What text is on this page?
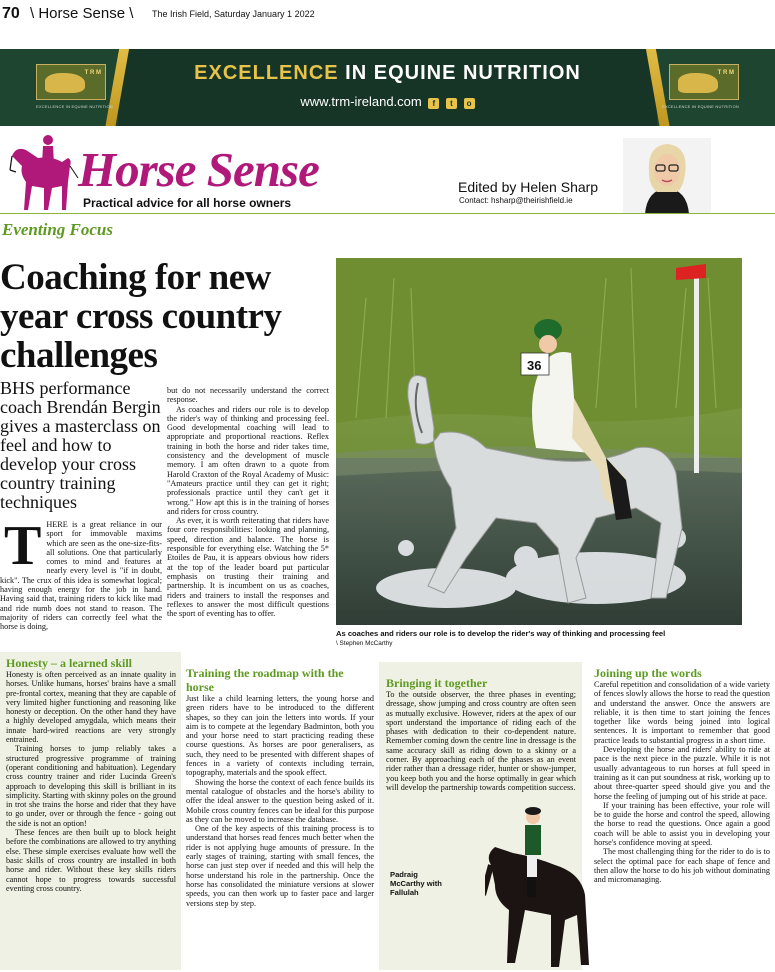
70 \ Horse Sense \ The Irish Field, Saturday January 1 2022
T R M
EXCELLENCE IN EQUINE NUTRITION
T R M
EXCELLENCE IN EQUINE NUTRITION
EXCELLENCE IN EQUINE NUTRITION
www.trm-ireland.com f t o
Horse Sense
Practical advice for all horse owners
Edited by Helen Sharp
Contact: hsharp@theirishfield.ie
Eventing Focus
Coaching for new year cross country challenges
BHS performance coach Brendán Bergin gives a masterclass on feel and how to develop your cross country training techniques
T HERE is a great reliance in our sport for immovable maxims which are seen as the one-size-fits-all solutions. One that particularly comes to mind and features at nearly every level is "if in doubt, kick". The crux of this idea is somewhat logical; having enough energy for the job in hand. Having said that, training riders to kick like mad and ride numb does not stand to reason. The majority of riders can correctly feel what the horse is doing,

but do not necessarily understand the correct response.

As coaches and riders our role is to develop the rider's way of thinking and processing feel. Good developmental coaching will lead to appropriate and proportional reactions. Reflex training in both the horse and rider takes time, consistency and the development of muscle memory. I am often drawn to a quote from Harold Craxton of the Royal Academy of Music: "Amateurs practice until they can get it right; professionals practice until they can't get it wrong." How apt this is in the training of horses and riders for cross country.

As ever, it is worth reiterating that riders have four core responsibilities: looking and planning, speed, direction and balance. The horse is responsible for everything else. Watching the 5* Etoiles de Pau, it is appears obvious how riders at the top of the leader board put particular emphasis on trusting their training and partnership. It is incumbent on us as coaches, riders and trainers to install the responses and reflexes to answer the most difficult questions the sport of eventing has to offer.

36
As coaches and riders our role is to develop the rider's way of thinking and processing feel
\ Stephen McCarthy
Honesty – a learned skill

Honesty is often perceived as an innate quality in horses. Unlike humans, horses' brains have a small pre-frontal cortex, meaning that they are capable of very limited higher functioning and reasoning like honesty or deception. On the other hand they have a highly developed amygdala, which means their innate hard-wired reactions are very strongly entrained.

Training horses to jump reliably takes a structured progressive programme of training (operant conditioning and habituation). Legendary cross country trainer and rider Lucinda Green's approach to developing this skill is brilliant in its simplicity. Starting with skinny poles on the ground in trot she trains the horse and rider that they have to go under, over or through the fence - going out the side is not an option!

These fences are then built up to block height before the combinations are allowed to try anything else. These simple exercises evaluate how well the basic skills of cross country are installed in both horse and rider. Without these key skills riders cannot hope to progress towards successful eventing cross country.

Training the roadmap with the horse

Just like a child learning letters, the young horse and green riders have to be introduced to the different shapes, so they can join the letters into words. If your aim is to compete at the legendary Badminton, both you and your horse need to start practicing reading these course questions. As horses are poor generalisers, as such, they need to be presented with different shapes of fences in a variety of contexts including terrain, topography, materials and the spook effect.

Showing the horse the context of each fence builds its mental catalogue of obstacles and the horse's ability to offer the ideal answer to the question being asked of it. Mobile cross country fences can be ideal for this purpose as they can be moved to increase the database.

One of the key aspects of this training process is to understand that horses read fences much better when the rider is not applying huge amounts of pressure. In the early stages of training, starting with small fences, the horse can just step over if needed and this will help the horse understand his role in the partnership. Once the horse has consolidated the miniature versions at slower speeds, you can then work up to faster pace and larger versions step by step.

Bringing it together

To the outside observer, the three phases in eventing; dressage, show jumping and cross country are often seen as mutually exclusive. However, riders at the apex of our sport understand the importance of riding each of the phases with dedication to their co-dependent nature. Remember coming down the centre line in dressage is the same accuracy skill as riding down to a skinny or a corner. By approaching each of the phases as an event rider rather than a dressage rider, hunter or show-jumper, you keep both you and the horse optimally in gear which will develop the partnership towards competition success.

Padraig McCarthy with Fallulah
Joining up the words

Careful repetition and consolidation of a wide variety of fences slowly allows the horse to read the question and understand the answer. Once the answers are reliable, it is then time to start joining the fences together like words being joined into logical sentences. It is important to remember that good practice leads to substantial progress in a short time.

Developing the horse and riders' ability to ride at pace is the next piece in the puzzle. While it is not usually advantageous to run horses at full speed in training as it can put soundness at risk, working up to about three-quarter speed should give you and the horse the feeling of jumping out of his stride at pace.

If your training has been effective, your role will be to guide the horse and control the speed, allowing the horse to read the questions. Once again a good coach will be able to assist you in developing your horse's confidence moving at speed.

The most challenging thing for the rider to do is to select the optimal pace for each shape of fence and then allow the horse to do his job without dominating and micromanaging.
